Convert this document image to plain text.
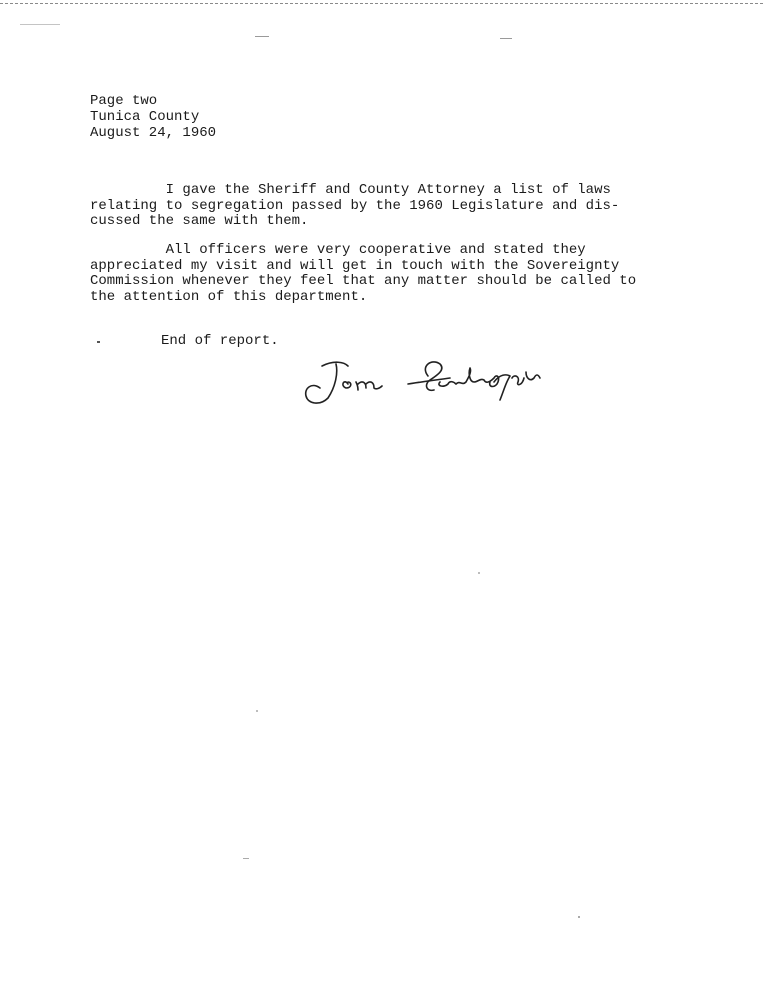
Page two
Tunica County
August 24, 1960
I gave the Sheriff and County Attorney a list of laws
relating to segregation passed by the 1960 Legislature and dis-
cussed the same with them.
All officers were very cooperative and stated they
appreciated my visit and will get in touch with the Sovereignty
Commission whenever they feel that any matter should be called to
the attention of this department.
End of report.
